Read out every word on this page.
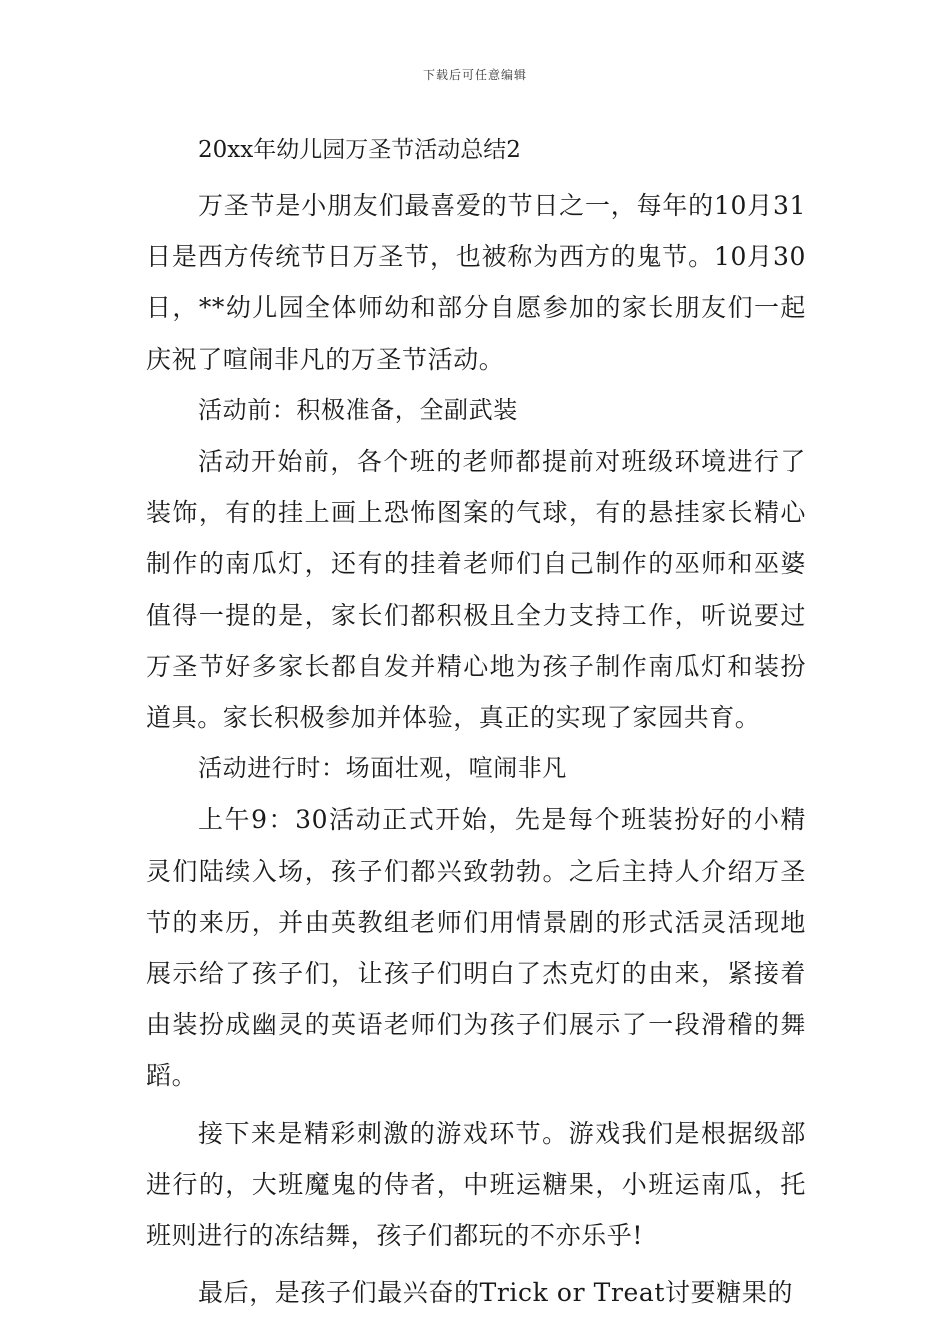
下载后可任意编辑
20xx年幼儿园万圣节活动总结2

万圣节是小朋友们最喜爱的节日之一，每年的10月31日是西方传统节日万圣节，也被称为西方的鬼节。10月30日，**幼儿园全体师幼和部分自愿参加的家长朋友们一起庆祝了喧闹非凡的万圣节活动。

活动前：积极准备，全副武装

活动开始前，各个班的老师都提前对班级环境进行了装饰，有的挂上画上恐怖图案的气球，有的悬挂家长精心制作的南瓜灯，还有的挂着老师们自己制作的巫师和巫婆值得一提的是，家长们都积极且全力支持工作，听说要过万圣节好多家长都自发并精心地为孩子制作南瓜灯和装扮道具。家长积极参加并体验，真正的实现了家园共育。

活动进行时：场面壮观，喧闹非凡

上午9：30活动正式开始，先是每个班装扮好的小精灵们陆续入场，孩子们都兴致勃勃。之后主持人介绍万圣节的来历，并由英教组老师们用情景剧的形式活灵活现地展示给了孩子们，让孩子们明白了杰克灯的由来，紧接着由装扮成幽灵的英语老师们为孩子们展示了一段滑稽的舞蹈。

接下来是精彩刺激的游戏环节。游戏我们是根据级部进行的，大班魔鬼的侍者，中班运糖果，小班运南瓜，托班则进行的冻结舞，孩子们都玩的不亦乐乎!

最后，是孩子们最兴奋的Trick or Treat讨要糖果的
